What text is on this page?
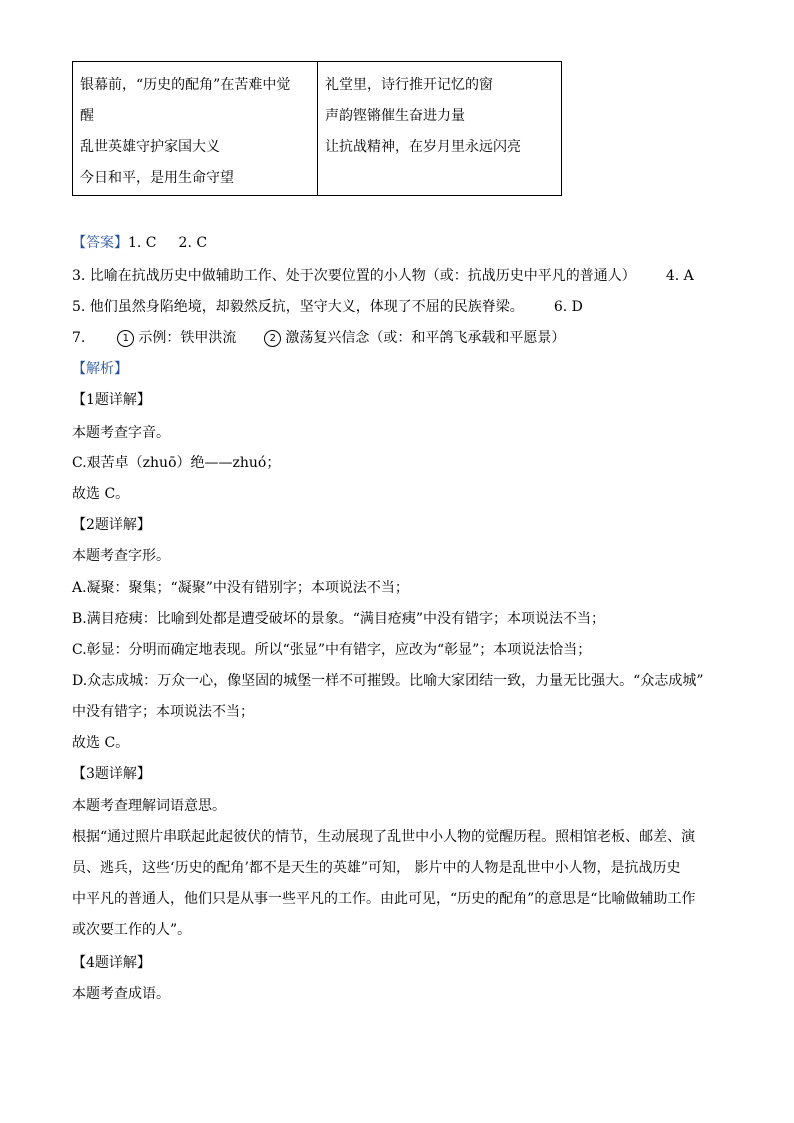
银幕前，“历史的配角”在苦难中觉
醒
乱世英雄守护家国大义
今日和平，是用生命守望
礼堂里，诗行推开记忆的窗
声韵铿锵催生奋进力量
让抗战精神，在岁月里永远闪亮
【答案】1. C 2. C
3. 比喻在抗战历史中做辅助工作、处于次要位置的小人物（或：抗战历史中平凡的普通人） 4. A
5. 他们虽然身陷绝境，却毅然反抗，坚守大义，体现了不屈的民族脊梁。 6. D
7.	1 示例：铁甲洪流	2 激荡复兴信念（或：和平鸽飞承载和平愿景）
【解析】
【1题详解】
本题考查字音。
C.艰苦卓（zhuō）绝——zhuó；
故选 C。
【2题详解】
本题考查字形。
A.凝聚：聚集；“凝聚”中没有错别字；本项说法不当；
B.满目疮痍：比喻到处都是遭受破坏的景象。“满目疮痍”中没有错字；本项说法不当；
C.彰显：分明而确定地表现。所以“张显”中有错字，应改为“彰显”；本项说法恰当；
D.众志成城：万众一心，像坚固的城堡一样不可摧毁。比喻大家团结一致，力量无比强大。“众志成城”
中没有错字；本项说法不当；
故选 C。
【3题详解】
本题考查理解词语意思。
根据“通过照片串联起此起彼伏的情节，生动展现了乱世中小人物的觉醒历程。照相馆老板、邮差、演
员、逃兵，这些‘历史的配角’都不是天生的英雄”可知， 影片中的人物是乱世中小人物，是抗战历史
中平凡的普通人，他们只是从事一些平凡的工作。由此可见，“历史的配角”的意思是“比喻做辅助工作
或次要工作的人”。
【4题详解】
本题考查成语。
